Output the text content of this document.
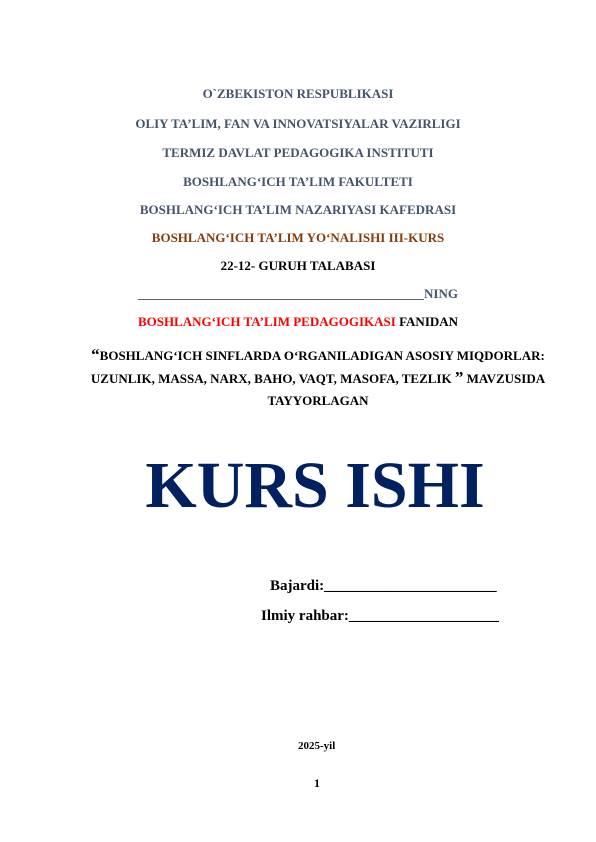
O`ZBEKISTON RESPUBLIKASI
OLIY TA’LIM, FAN VA INNOVATSIYALAR VAZIRLIGI
TERMIZ DAVLAT PEDAGOGIKA INSTITUTI
BOSHLANG‘ICH TA’LIM FAKULTETI
BOSHLANG‘ICH TA’LIM NAZARIYASI KAFEDRASI
BOSHLANG‘ICH TA’LIM YO‘NALISHI III-KURS
22-12- GURUH TALABASI
____________________________________________NING
BOSHLANG‘ICH TA’LIM PEDAGOGIKASI FANIDAN
“BOSHLANG‘ICH SINFLARDA O‘RGANILADIGAN ASOSIY MIQDORLAR: UZUNLIK, MASSA, NARX, BAHO, VAQT, MASOFA, TEZLIK ” MAVZUSIDA TAYYORLAGAN
KURS ISHI
Bajardi:_______________________
Ilmiy rahbar:____________________
2025-yil
1
